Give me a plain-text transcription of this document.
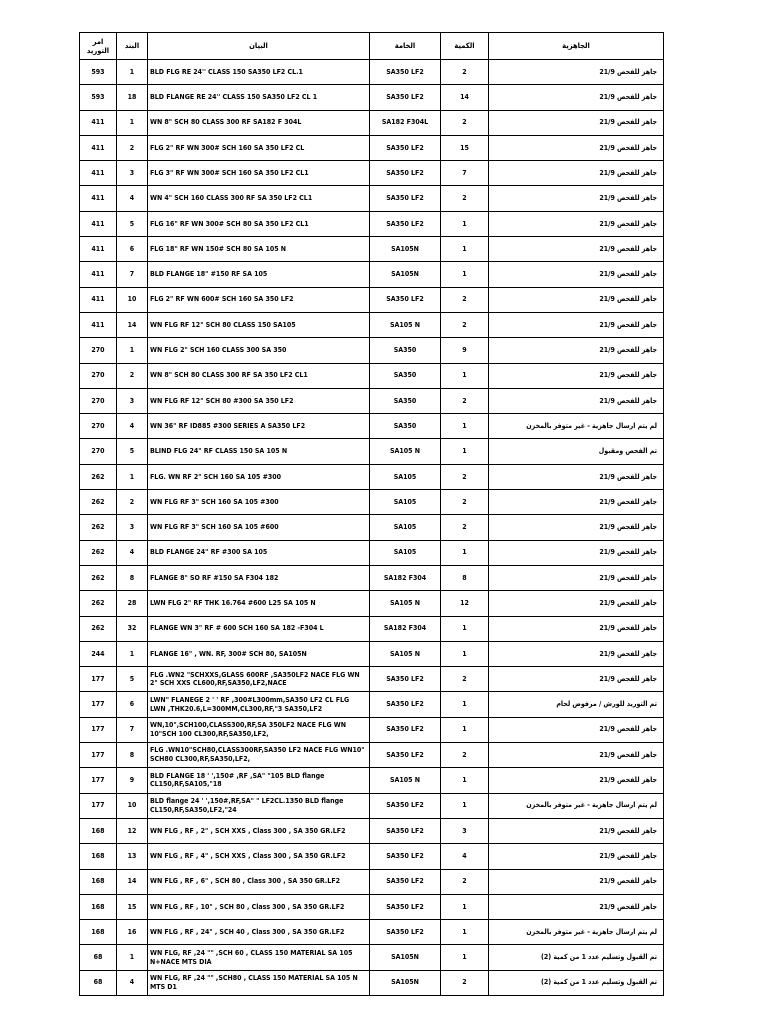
امر التوريد	البند	البيان	الخامة	الكمية	الجاهزية
593	1	BLD FLG RE 24'' CLASS 150 SA350 LF2 CL.1	SA350 LF2	2	جاهز للفحص 21/9
593	18	BLD FLANGE RE 24'' CLASS 150 SA350 LF2 CL 1	SA350 LF2	14	جاهز للفحص 21/9
411	1	WN 8" SCH 80 CLASS 300 RF SA182 F 304L	SA182 F304L	2	جاهز للفحص 21/9
411	2	FLG 2" RF WN 300# SCH 160 SA 350 LF2 CL	SA350 LF2	15	جاهز للفحص 21/9
411	3	FLG 3" RF WN 300# SCH 160 SA 350 LF2 CL1	SA350 LF2	7	جاهز للفحص 21/9
411	4	WN 4" SCH 160 CLASS 300 RF SA 350 LF2 CL1	SA350 LF2	2	جاهز للفحص 21/9
411	5	FLG 16" RF WN 300# SCH 80 SA 350 LF2 CL1	SA350 LF2	1	جاهز للفحص 21/9
411	6	FLG 18" RF WN 150# SCH 80 SA 105 N	SA105N	1	جاهز للفحص 21/9
411	7	BLD FLANGE 18" #150 RF SA 105	SA105N	1	جاهز للفحص 21/9
411	10	FLG 2" RF WN 600# SCH 160 SA 350 LF2	SA350 LF2	2	جاهز للفحص 21/9
411	14	WN FLG RF 12" SCH 80 CLASS 150 SA105	SA105 N	2	جاهز للفحص 21/9
270	1	WN FLG 2" SCH 160 CLASS 300 SA 350	SA350	9	جاهز للفحص 21/9
270	2	WN 8" SCH 80 CLASS 300 RF SA 350 LF2 CL1	SA350	1	جاهز للفحص 21/9
270	3	WN FLG RF 12" SCH 80 #300 SA 350 LF2	SA350	2	جاهز للفحص 21/9
270	4	WN 36" RF ID885 #300 SERIES A SA350 LF2	SA350	1	لم يتم ارسال جاهزية - غير متوفر بالمخزن
270	5	BLIND FLG 24" RF CLASS 150 SA 105 N	SA105 N	1	تم الفحص ومقبول
262	1	FLG. WN RF 2" SCH 160 SA 105 #300	SA105	2	جاهز للفحص 21/9
262	2	WN FLG RF 3" SCH 160 SA 105 #300	SA105	2	جاهز للفحص 21/9
262	3	WN FLG RF 3" SCH 160 SA 105 #600	SA105	2	جاهز للفحص 21/9
262	4	BLD FLANGE 24" RF #300 SA 105	SA105	1	جاهز للفحص 21/9
262	8	FLANGE 8" SO RF #150 SA F304 182	SA182 F304	8	جاهز للفحص 21/9
262	28	LWN FLG 2" RF THK 16.764 #600 L25 SA 105 N	SA105 N	12	جاهز للفحص 21/9
262	32	FLANGE WN 3" RF # 600 SCH 160 SA 182 -F304 L	SA182 F304	1	جاهز للفحص 21/9
244	1	FLANGE 16" , WN. RF, 300# SCH 80, SA105N	SA105 N	1	جاهز للفحص 21/9
177	5	FLG .WN2 "SCHXXS,GLASS 600RF ,SA350LF2 NACE FLG WN 2" SCH XXS CL600,RF,SA350,LF2,NACE	SA350 LF2	2	جاهز للفحص 21/9
177	6	LWN" FLANEGE 2 ' ' RF ,300#L300mm,SA350 LF2 CL FLG LWN ,THK20.6,L=300MM,CL300,RF,"3 SA350,LF2	SA350 LF2	1	تم التوريد للورش / مرفوض لحام
177	7	WN,10",SCH100,CLASS300,RF,SA 350LF2 NACE FLG WN 10"SCH 100 CL300,RF,SA350,LF2,	SA350 LF2	1	جاهز للفحص 21/9
177	8	FLG .WN10"SCH80,CLASS300RF,SA350 LF2 NACE FLG WN10" SCH80 CL300,RF,SA350,LF2,	SA350 LF2	2	جاهز للفحص 21/9
177	9	BLD FLANGE 18 ' ',150# ,RF ,SA" "105 BLD flange CL150,RF,SA105,"18	SA105 N	1	جاهز للفحص 21/9
177	10	BLD flange 24 ' ',150#,RF,SA" " LF2CL.1350 BLD flange CL150,RF,SA350,LF2,"24	SA350 LF2	1	لم يتم ارسال جاهزية - غير متوفر بالمخزن
168	12	WN FLG , RF , 2" , SCH XXS , Class 300 , SA 350 GR.LF2	SA350 LF2	3	جاهز للفحص 21/9
168	13	WN FLG , RF , 4" , SCH XXS , Class 300 , SA 350 GR.LF2	SA350 LF2	4	جاهز للفحص 21/9
168	14	WN FLG , RF , 6" , SCH 80 , Class 300 , SA 350 GR.LF2	SA350 LF2	2	جاهز للفحص 21/9
168	15	WN FLG , RF , 10" , SCH 80 , Class 300 , SA 350 GR.LF2	SA350 LF2	1	جاهز للفحص 21/9
168	16	WN FLG , RF , 24" , SCH 40 , Class 300 , SA 350 GR.LF2	SA350 LF2	1	لم يتم ارسال جاهزية - غير متوفر بالمخزن
68	1	WN FLG, RF ,24 "" ,SCH 60 , CLASS 150 MATERIAL SA 105 N+NACE MTS DIA	SA105N	1	تم القبول وتسليم عدد 1 من كمية (2)
68	4	WN FLG, RF ,24 "" ,SCH80 , CLASS 150 MATERIAL SA 105 N MTS D1	SA105N	2	تم القبول وتسليم عدد 1 من كمية (2)
